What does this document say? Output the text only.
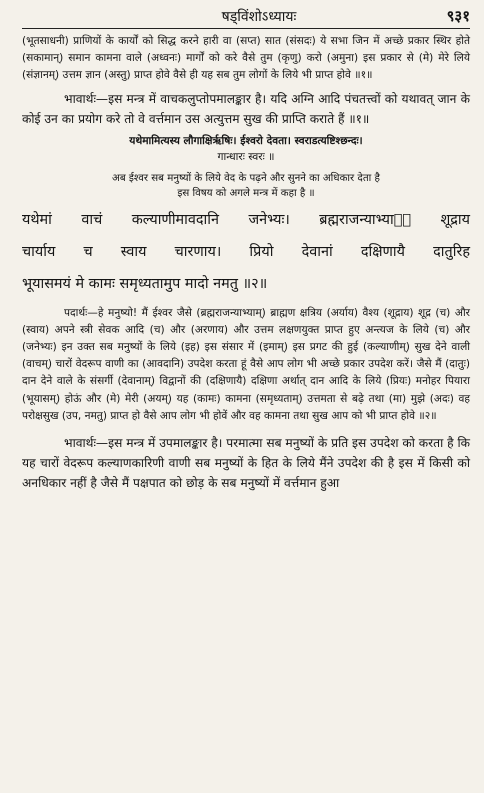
षड्विंशोऽध्यायः	९३१

(भूतसाधनी) प्राणियों के कार्यों को सिद्ध करने हारी वा (सप्त) सात (संसदः) ये सभा जिन में अच्छे प्रकार स्थिर होते (सकामान्) समान कामना वाले (अध्वनः) मार्गों को करे वैसे तुम (कृणु) करो (अमुना) इस प्रकार से (मे) मेरे लिये (संज्ञानम्) उत्तम ज्ञान (अस्तु) प्राप्त होवे वैसे ही यह सब तुम लोगों के लिये भी प्राप्त होवे ॥१॥

भावार्थः—इस मन्त्र में वाचकलुप्तोपमालङ्कार है। यदि अग्नि आदि पंचतत्त्वों को यथावत् जान के कोई उन का प्रयोग करे तो वे वर्त्तमान उस अत्युत्तम सुख की प्राप्ति कराते हैं ॥१॥

यथेमामित्यस्य लौगाक्षिर्ऋषिः। ईश्वरो देवता। स्वराडत्यष्टिश्छन्दः।
गान्धारः स्वरः ॥
अब ईश्वर सब मनुष्यों के लिये वेद के पढ़ने और सुनने का अधिकार देता है
इस विषय को अगले मन्त्र में कहा है ॥
यथेमां वाचं कल्याणीमावदानि जनेभ्यः। ब्रह्मराजन्याभ्याᳬं शूद्राय
चार्याय च स्वाय चारणाय। प्रियो देवानां दक्षिणायै दातुरिह
भूयासमयं मे कामः समृध्यतामुप मादो नमतु ॥२॥

पदार्थः—हे मनुष्यो! मैं ईश्वर जैसे (ब्रह्मराजन्याभ्याम्) ब्राह्मण क्षत्रिय (अर्याय) वैश्य (शूद्राय) शूद्र (च) और (स्वाय) अपने स्त्री सेवक आदि (च) और (अरणाय) और उत्तम लक्षणयुक्त प्राप्त हुए अन्त्यज के लिये (च) और (जनेभ्यः) इन उक्त सब मनुष्यों के लिये (इह) इस संसार में (इमाम्) इस प्रगट की हुई (कल्याणीम्) सुख देने वाली (वाचम्) चारों वेदरूप वाणी का (आवदानि) उपदेश करता हूं वैसे आप लोग भी अच्छे प्रकार उपदेश करें। जैसे मैं (दातुः) दान देने वाले के संसर्गी (देवानाम्) विद्वानों की (दक्षिणायै) दक्षिणा अर्थात् दान आदि के लिये (प्रियः) मनोहर पियारा (भूयासम्) होऊं और (मे) मेरी (अयम्) यह (कामः) कामना (समृध्यताम्) उत्तमता से बढ़े तथा (मा) मुझे (अदः) वह परोक्षसुख (उप, नमतु) प्राप्त हो वैसे आप लोग भी होवें और वह कामना तथा सुख आप को भी प्राप्त होवे ॥२॥

भावार्थः—इस मन्त्र में उपमालङ्कार है। परमात्मा सब मनुष्यों के प्रति इस उपदेश को करता है कि यह चारों वेदरूप कल्याणकारिणी वाणी सब मनुष्यों के हित के लिये मैंने उपदेश की है इस में किसी को अनधिकार नहीं है जैसे मैं पक्षपात को छोड़ के सब मनुष्यों में वर्त्तमान हुआ
